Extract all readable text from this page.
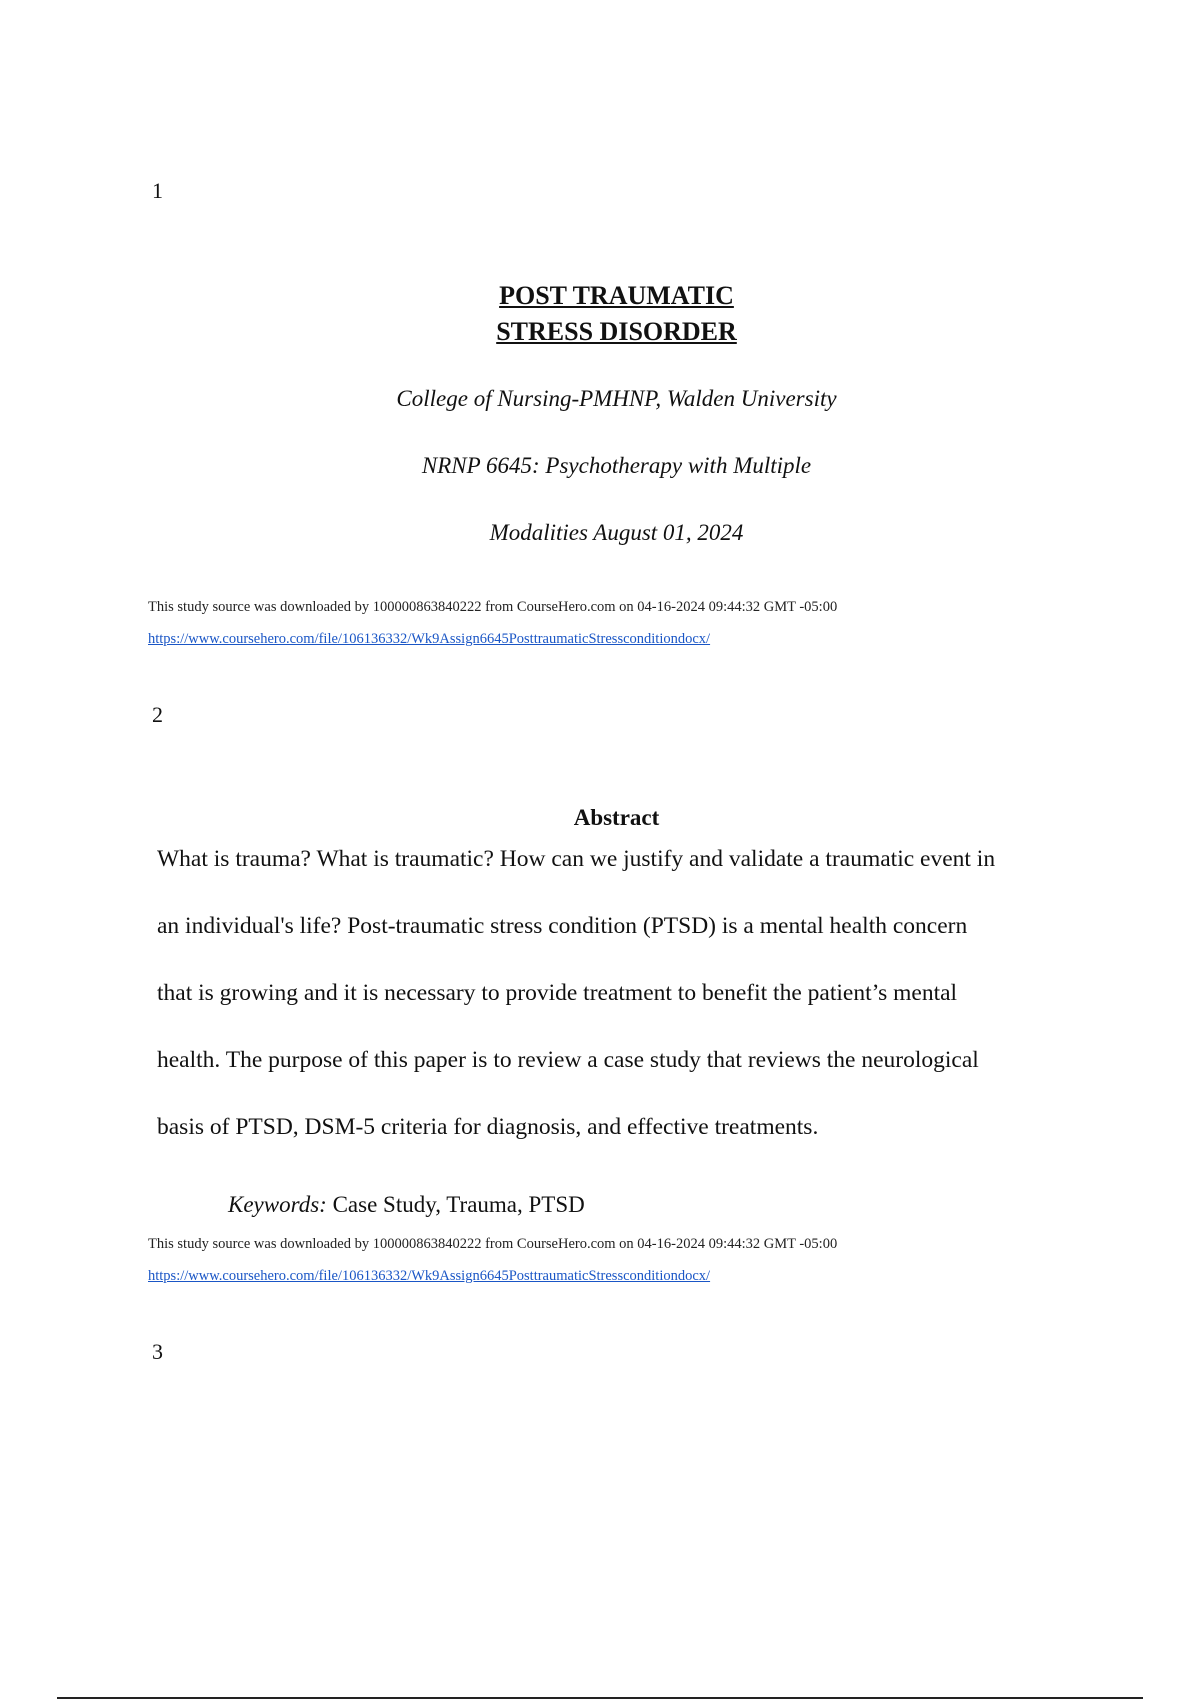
1
POST TRAUMATIC
STRESS DISORDER
College of Nursing-PMHNP, Walden University
NRNP 6645: Psychotherapy with Multiple
Modalities August 01, 2024
This study source was downloaded by 100000863840222 from CourseHero.com on 04-16-2024 09:44:32 GMT -05:00
https://www.coursehero.com/file/106136332/Wk9Assign6645PosttraumaticStressconditiondocx/
2
Abstract
What is trauma? What is traumatic? How can we justify and validate a traumatic event in
an individual's life? Post-traumatic stress condition (PTSD) is a mental health concern
that is growing and it is necessary to provide treatment to benefit the patient’s mental
health. The purpose of this paper is to review a case study that reviews the neurological
basis of PTSD, DSM-5 criteria for diagnosis, and effective treatments.
Keywords: Case Study, Trauma, PTSD
This study source was downloaded by 100000863840222 from CourseHero.com on 04-16-2024 09:44:32 GMT -05:00
https://www.coursehero.com/file/106136332/Wk9Assign6645PosttraumaticStressconditiondocx/
3
